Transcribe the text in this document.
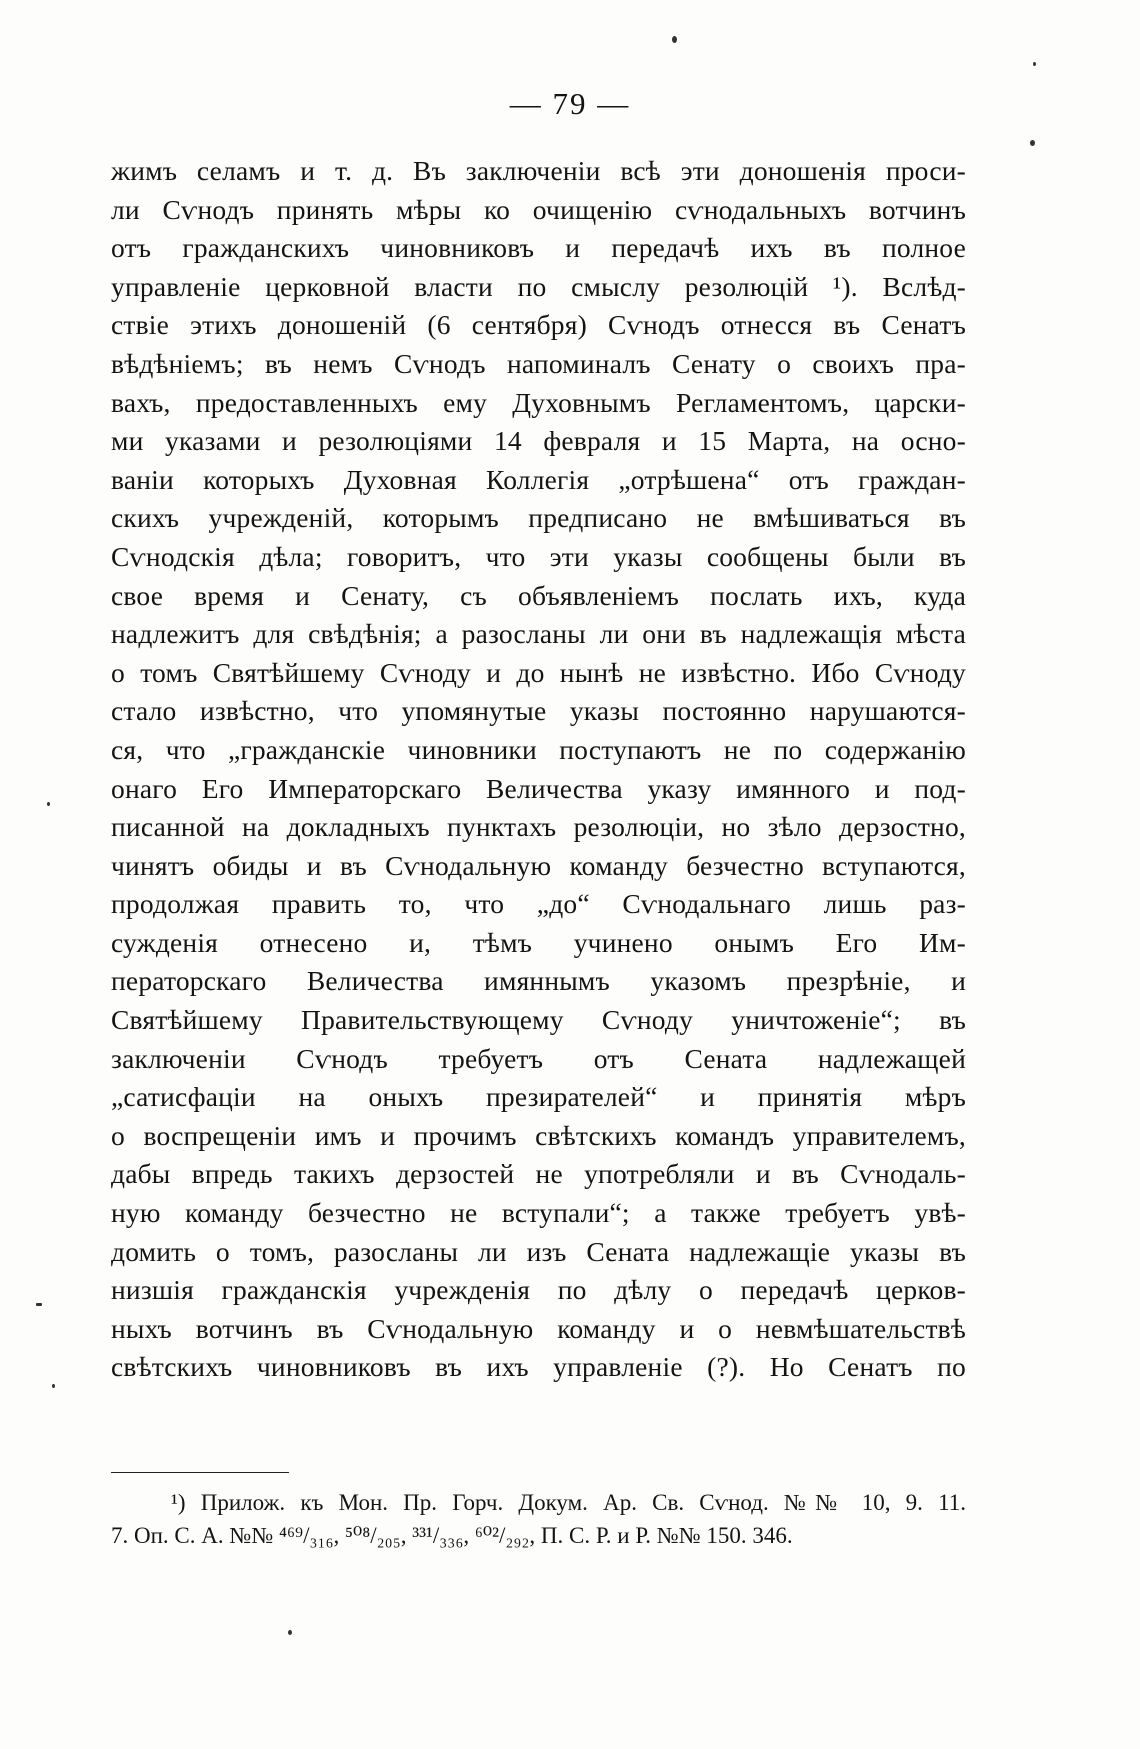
— 79 —
жимъ селамъ и т. д. Въ заключеніи всѣ эти доношенія проси-
ли Сѵнодъ принять мѣры ко очищенію сѵнодальныхъ вотчинъ
отъ гражданскихъ чиновниковъ и передачѣ ихъ въ полное
управленіе церковной власти по смыслу резолюцій ¹). Вслѣд-
ствіе этихъ доношеній (6 сентября) Сѵнодъ отнесся въ Сенатъ
вѣдѣніемъ; въ немъ Сѵнодъ напоминалъ Сенату о своихъ пра-
вахъ, предоставленныхъ ему Духовнымъ Регламентомъ, царски-
ми указами и резолюціями 14 февраля и 15 Марта, на осно-
ваніи которыхъ Духовная Коллегія „отрѣшена“ отъ граждан-
скихъ учрежденій, которымъ предписано не вмѣшиваться въ
Сѵнодскія дѣла; говоритъ, что эти указы сообщены были въ
свое время и Сенату, съ объявленіемъ послать ихъ, куда
надлежитъ для свѣдѣнія; а разосланы ли они въ надлежащія мѣста
о томъ Святѣйшему Сѵноду и до нынѣ не извѣстно. Ибо Сѵноду
стало извѣстно, что упомянутые указы постоянно нарушаются-
ся, что „гражданскіе чиновники поступаютъ не по содержанію
онаго Его Императорскаго Величества указу имянного и под-
писанной на докладныхъ пунктахъ резолюціи, но зѣло дерзостно,
чинятъ обиды и въ Сѵнодальную команду безчестно вступаются,
продолжая править то, что „до“ Сѵнодальнаго лишь раз-
сужденія отнесено и, тѣмъ учинено онымъ Его Им-
ператорскаго Величества имяннымъ указомъ презрѣніе, и
Святѣйшему Правительствующему Сѵноду уничтоженіе“; въ
заключеніи Сѵнодъ требуетъ отъ Сената надлежащей
„сатисфаціи на оныхъ презирателей“ и принятія мѣръ
о воспрещеніи имъ и прочимъ свѣтскихъ командъ управителемъ,
дабы впредь такихъ дерзостей не употребляли и въ Сѵнодаль-
ную команду безчестно не вступали“; а также требуетъ увѣ-
домить о томъ, разосланы ли изъ Сената надлежащіе указы въ
низшія гражданскія учрежденія по дѣлу о передачѣ церков-
ныхъ вотчинъ въ Сѵнодальную команду и о невмѣшательствѣ
свѣтскихъ чиновниковъ въ ихъ управленіе (?). Но Сенатъ по
¹) Прилож. къ Мон. Пр. Горч. Докум. Ар. Св. Сѵнод. №№ 10, 9. 11.
7. Оп. С. А. №№ ⁴⁶⁹/₃₁₆, ⁵⁰⁸/₂₀₅, ³³¹/₃₃₆, ⁶⁰²/₂₉₂, П. С. Р. и Р. №№ 150. 346.
